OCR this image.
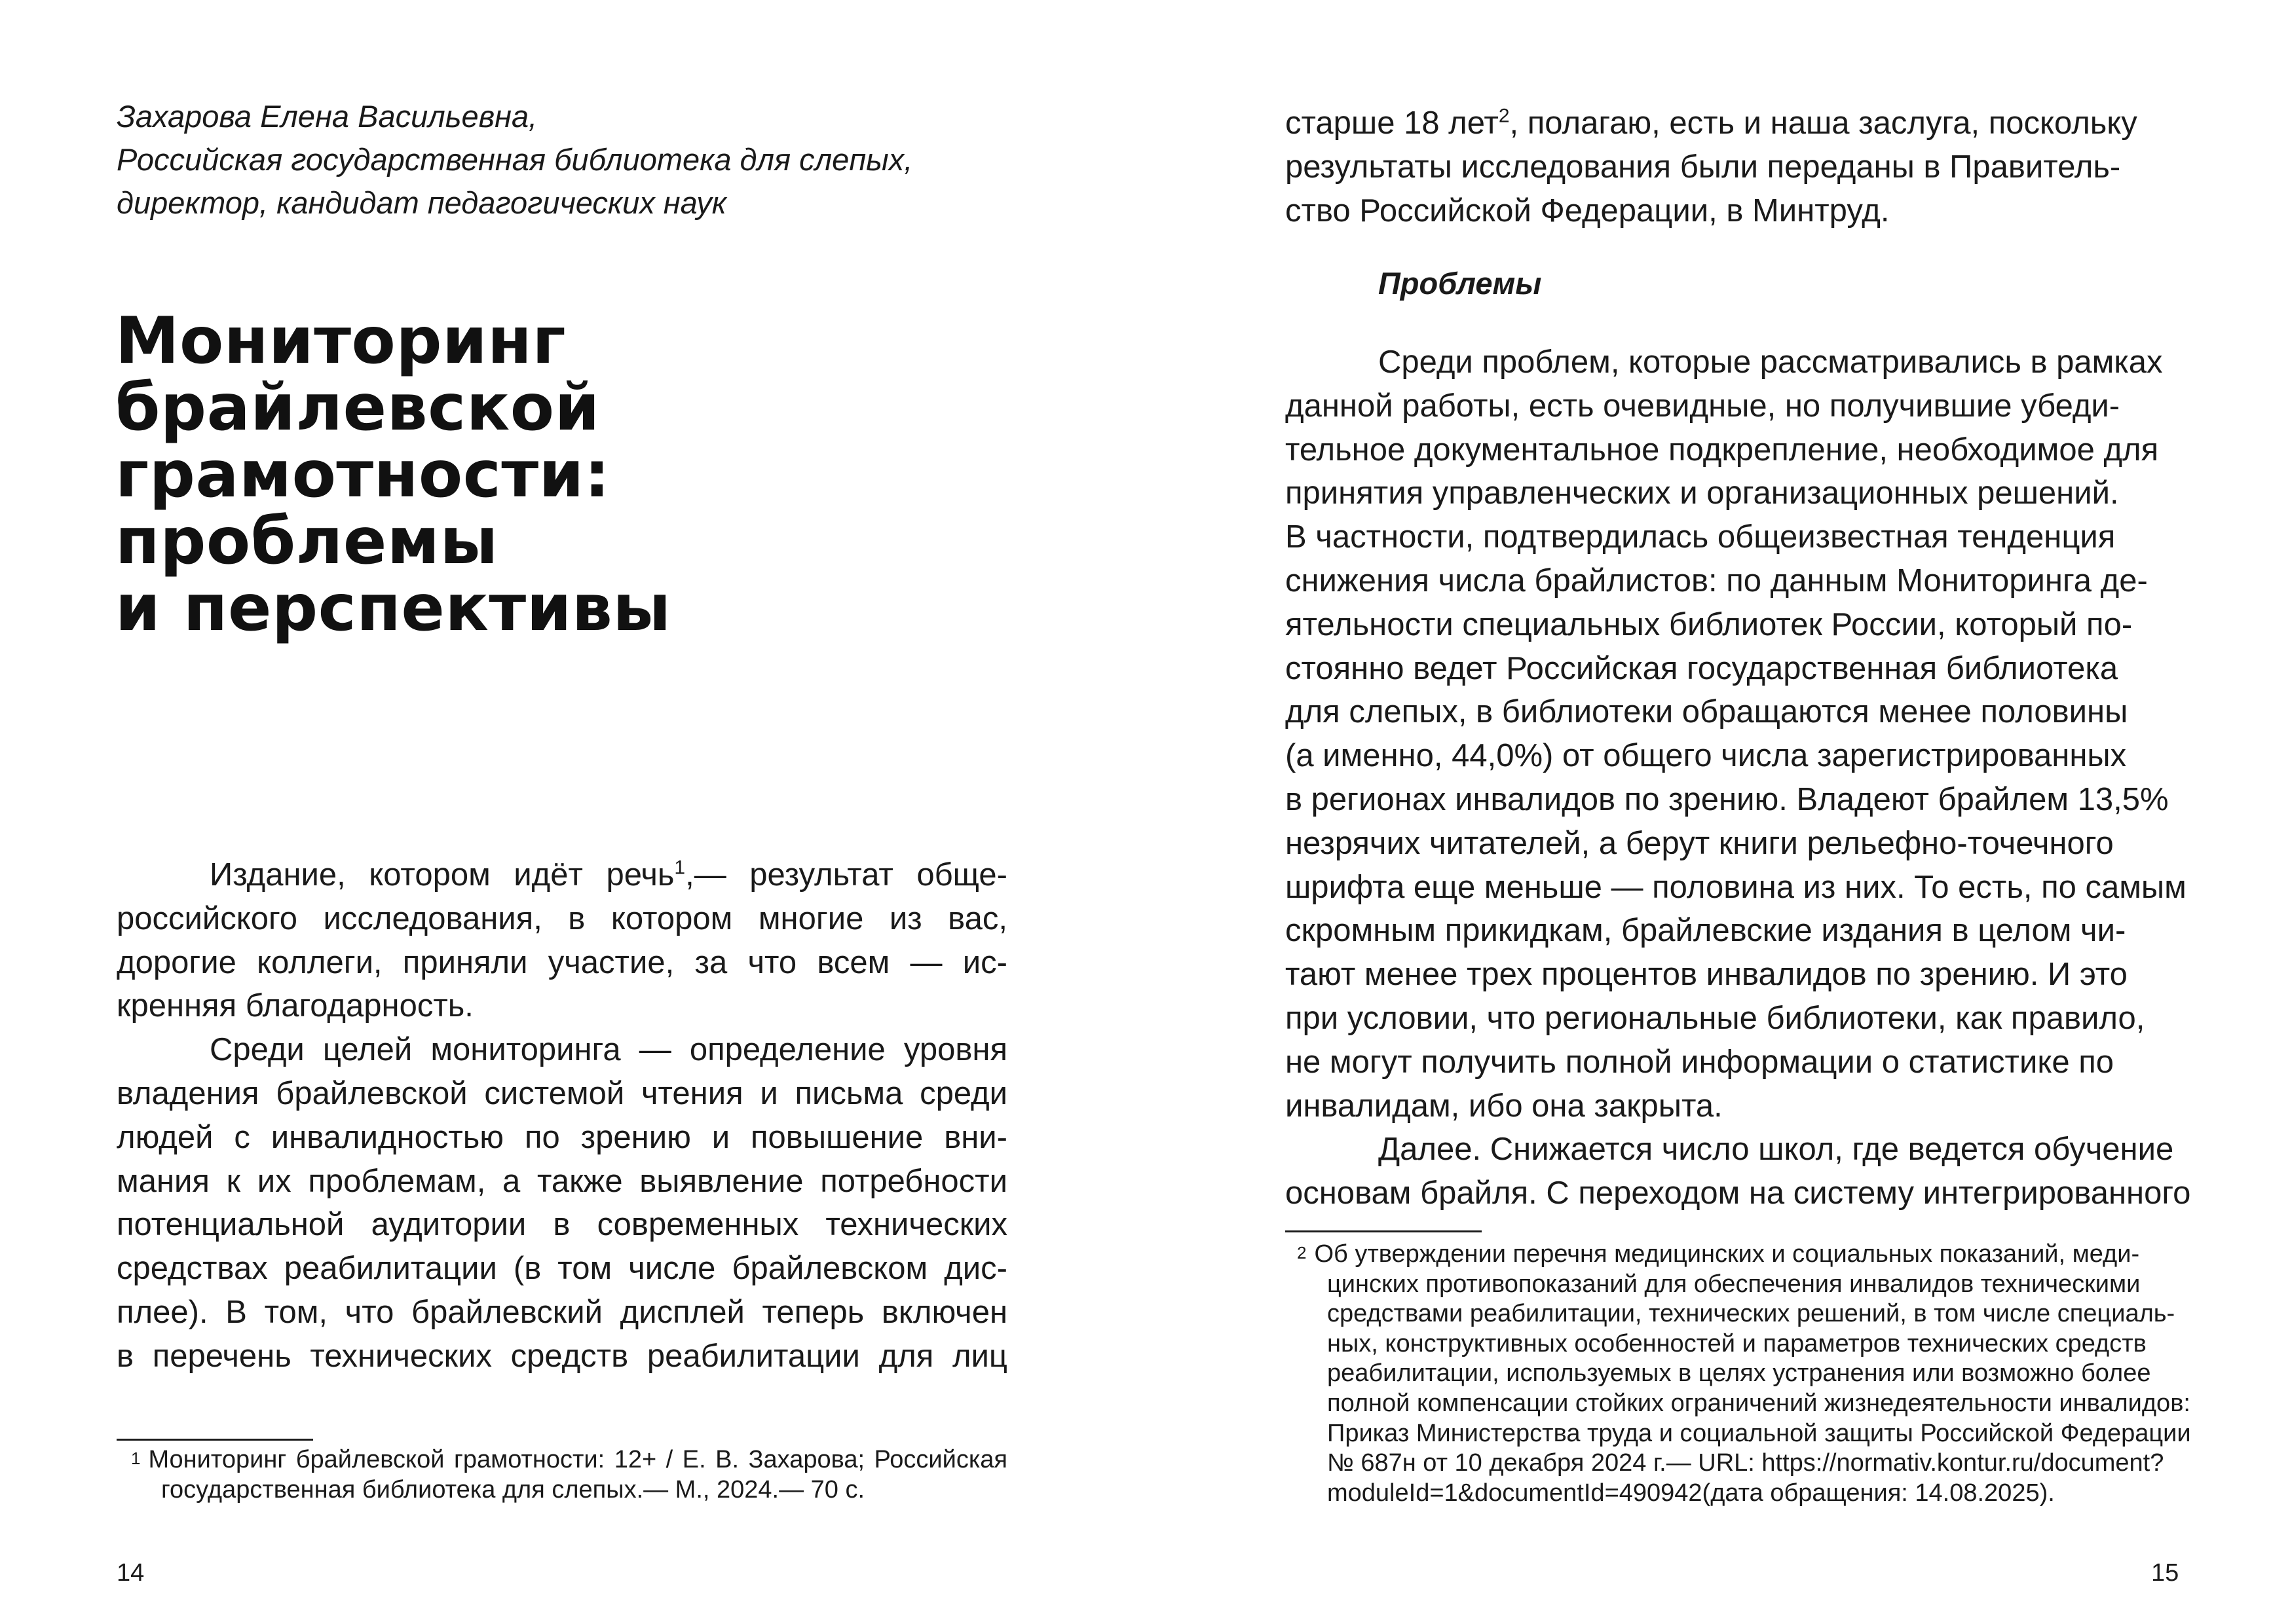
Захарова Елена Васильевна,
Российская государственная библиотека для слепых,
директор, кандидат педагогических наук
Мониторинг
брайлевской
грамотности:
проблемы
и перспективы
Издание, котором идёт речь$^1$,— результат обще-
российского исследования, в котором многие из вас,
дорогие коллеги, приняли участие, за что всем — ис-
кренняя благодарность.
Среди целей мониторинга — определение уровня
владения брайлевской системой чтения и письма среди
людей с инвалидностью по зрению и повышение вни-
мания к их проблемам, а также выявление потребности
потенциальной аудитории в современных технических
средствах реабилитации (в том числе брайлевском дис-
плее). В том, что брайлевский дисплей теперь включен
в перечень технических средств реабилитации для лиц
$^1$ Мониторинг брайлевской грамотности: 12+ / Е. В. Захарова; Российская
государственная библиотека для слепых.— М., 2024.— 70 с.
14
старше 18 лет$^2$, полагаю, есть и наша заслуга, поскольку
результаты исследования были переданы в Правитель-
ство Российской Федерации, в Минтруд.
Проблемы
Среди проблем, которые рассматривались в рамках
данной работы, есть очевидные, но получившие убеди-
тельное документальное подкрепление, необходимое для
принятия управленческих и организационных решений.
В частности, подтвердилась общеизвестная тенденция
снижения числа брайлистов: по данным Мониторинга де-
ятельности специальных библиотек России, который по-
стоянно ведет Российская государственная библиотека
для слепых, в библиотеки обращаются менее половины
(а именно, 44,0%) от общего числа зарегистрированных
в регионах инвалидов по зрению. Владеют брайлем 13,5%
незрячих читателей, а берут книги рельефно-точечного
шрифта еще меньше — половина из них. То есть, по самым
скромным прикидкам, брайлевские издания в целом чи-
тают менее трех процентов инвалидов по зрению. И это
при условии, что региональные библиотеки, как правило,
не могут получить полной информации о статистике по
инвалидам, ибо она закрыта.
Далее. Снижается число школ, где ведется обучение
основам брайля. С переходом на систему интегрированного
$^2$ Об утверждении перечня медицинских и социальных показаний, меди-
цинских противопоказаний для обеспечения инвалидов техническими
средствами реабилитации, технических решений, в том числе специаль-
ных, конструктивных особенностей и параметров технических средств
реабилитации, используемых в целях устранения или возможно более
полной компенсации стойких ограничений жизнедеятельности инвалидов:
Приказ Министерства труда и социальной защиты Российской Федерации
№ 687н от 10 декабря 2024 г.— URL: https://normativ.kontur.ru/document?
moduleId=1&documentId=490942(дата обращения: 14.08.2025).
15
